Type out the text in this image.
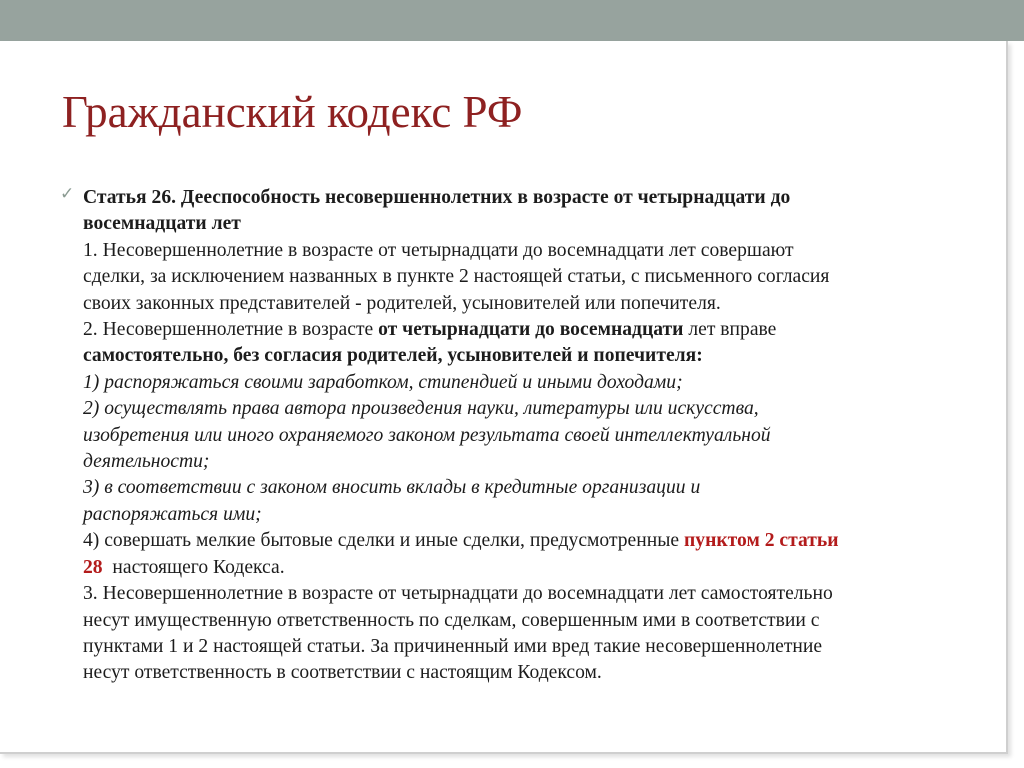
Гражданский кодекс РФ
✓ Статья 26. Дееспособность несовершеннолетних в возрасте от четырнадцати до
восемнадцати лет
1. Несовершеннолетние в возрасте от четырнадцати до восемнадцати лет совершают
сделки, за исключением названных в пункте 2 настоящей статьи, с письменного согласия
своих законных представителей - родителей, усыновителей или попечителя.
2. Несовершеннолетние в возрасте от четырнадцати до восемнадцати лет вправе
самостоятельно, без согласия родителей, усыновителей и попечителя:
1) распоряжаться своими заработком, стипендией и иными доходами;
2) осуществлять права автора произведения науки, литературы или искусства,
изобретения или иного охраняемого законом результата своей интеллектуальной
деятельности;
3) в соответствии с законом вносить вклады в кредитные организации и
распоряжаться ими;
4) совершать мелкие бытовые сделки и иные сделки, предусмотренные пунктом 2 статьи
28  настоящего Кодекса.
3. Несовершеннолетние в возрасте от четырнадцати до восемнадцати лет самостоятельно
несут имущественную ответственность по сделкам, совершенным ими в соответствии с
пунктами 1 и 2 настоящей статьи. За причиненный ими вред такие несовершеннолетние
несут ответственность в соответствии с настоящим Кодексом.
